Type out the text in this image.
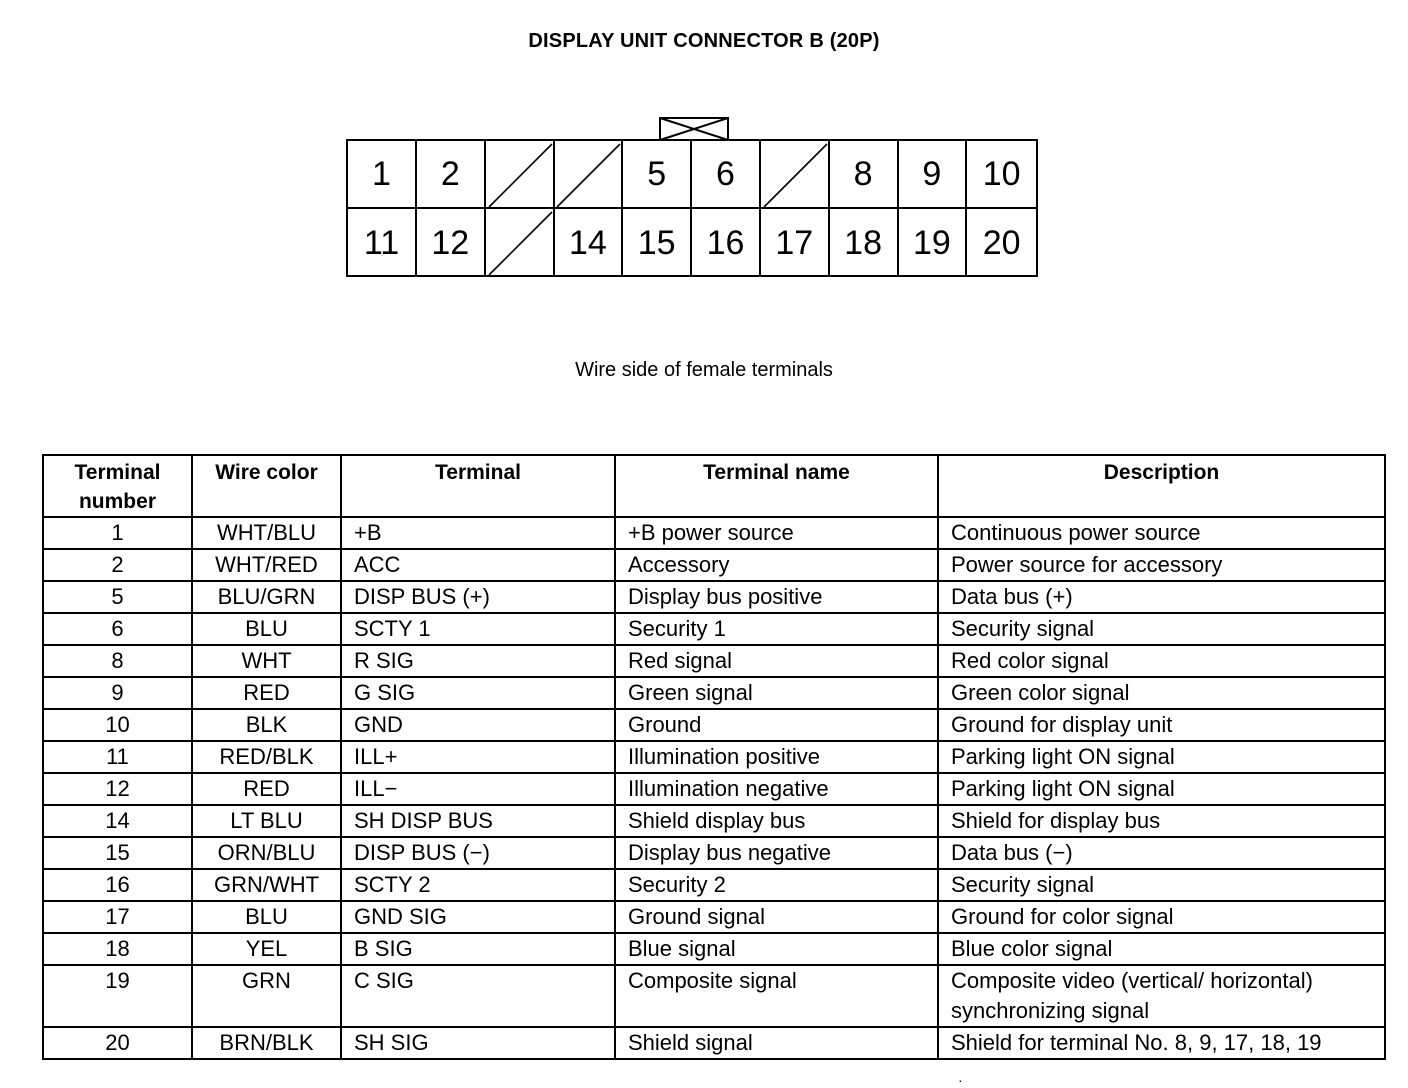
DISPLAY UNIT CONNECTOR B (20P)
1 2	5 6	8 9 10
11 12	14 15 16 17 18 19 20
Wire side of female terminals
Terminal number	Wire color	Terminal	Terminal name	Description
1	WHT/BLU	+B	+B power source	Continuous power source
2	WHT/RED	ACC	Accessory	Power source for accessory
5	BLU/GRN	DISP BUS (+)	Display bus positive	Data bus (+)
6	BLU	SCTY 1	Security 1	Security signal
8	WHT	R SIG	Red signal	Red color signal
9	RED	G SIG	Green signal	Green color signal
10	BLK	GND	Ground	Ground for display unit
11	RED/BLK	ILL+	Illumination positive	Parking light ON signal
12	RED	ILL−	Illumination negative	Parking light ON signal
14	LT BLU	SH DISP BUS	Shield display bus	Shield for display bus
15	ORN/BLU	DISP BUS (−)	Display bus negative	Data bus (−)
16	GRN/WHT	SCTY 2	Security 2	Security signal
17	BLU	GND SIG	Ground signal	Ground for color signal
18	YEL	B SIG	Blue signal	Blue color signal
19	GRN	C SIG	Composite signal	Composite video (vertical/ horizontal) synchronizing signal
20	BRN/BLK	SH SIG	Shield signal	Shield for terminal No. 8, 9, 17, 18, 19
·
